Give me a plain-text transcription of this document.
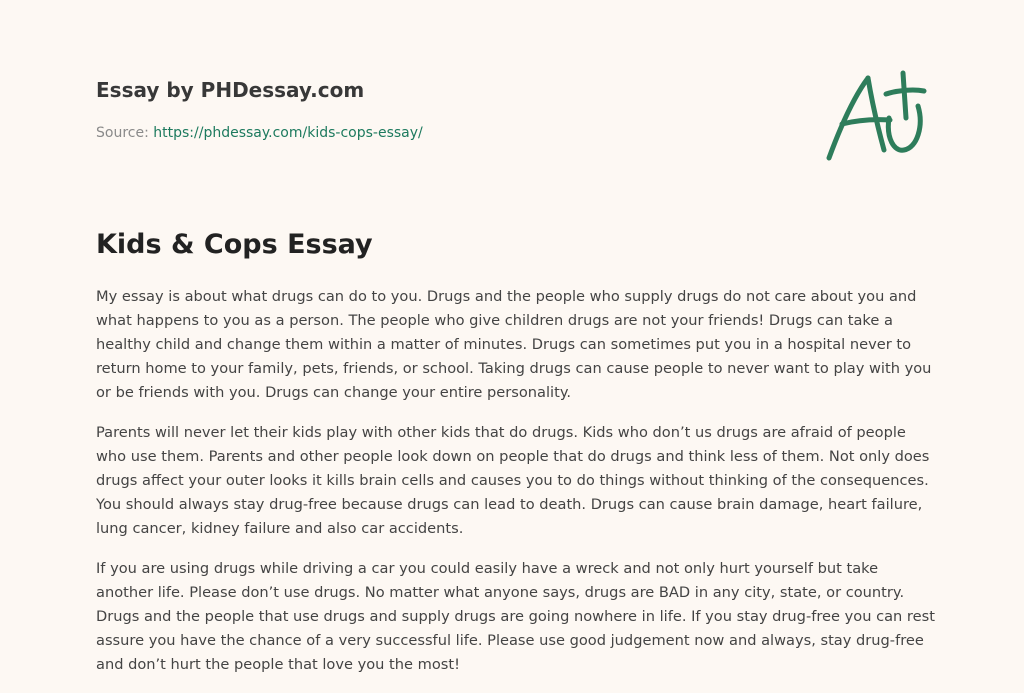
Essay by PHDessay.com
Source: https://phdessay.com/kids-cops-essay/
Kids & Cops Essay

My essay is about what drugs can do to you. Drugs and the people who supply drugs do not care about you and what happens to you as a person. The people who give children drugs are not your friends! Drugs can take a healthy child and change them within a matter of minutes. Drugs can sometimes put you in a hospital never to return home to your family, pets, friends, or school. Taking drugs can cause people to never want to play with you or be friends with you. Drugs can change your entire personality.

Parents will never let their kids play with other kids that do drugs. Kids who don’t us drugs are afraid of people who use them. Parents and other people look down on people that do drugs and think less of them. Not only does drugs affect your outer looks it kills brain cells and causes you to do things without thinking of the consequences. You should always stay drug-free because drugs can lead to death. Drugs can cause brain damage, heart failure, lung cancer, kidney failure and also car accidents.

If you are using drugs while driving a car you could easily have a wreck and not only hurt yourself but take another life. Please don’t use drugs. No matter what anyone says, drugs are BAD in any city, state, or country. Drugs and the people that use drugs and supply drugs are going nowhere in life. If you stay drug-free you can rest assure you have the chance of a very successful life. Please use good judgement now and always, stay drug-free and don’t hurt the people that love you the most!
